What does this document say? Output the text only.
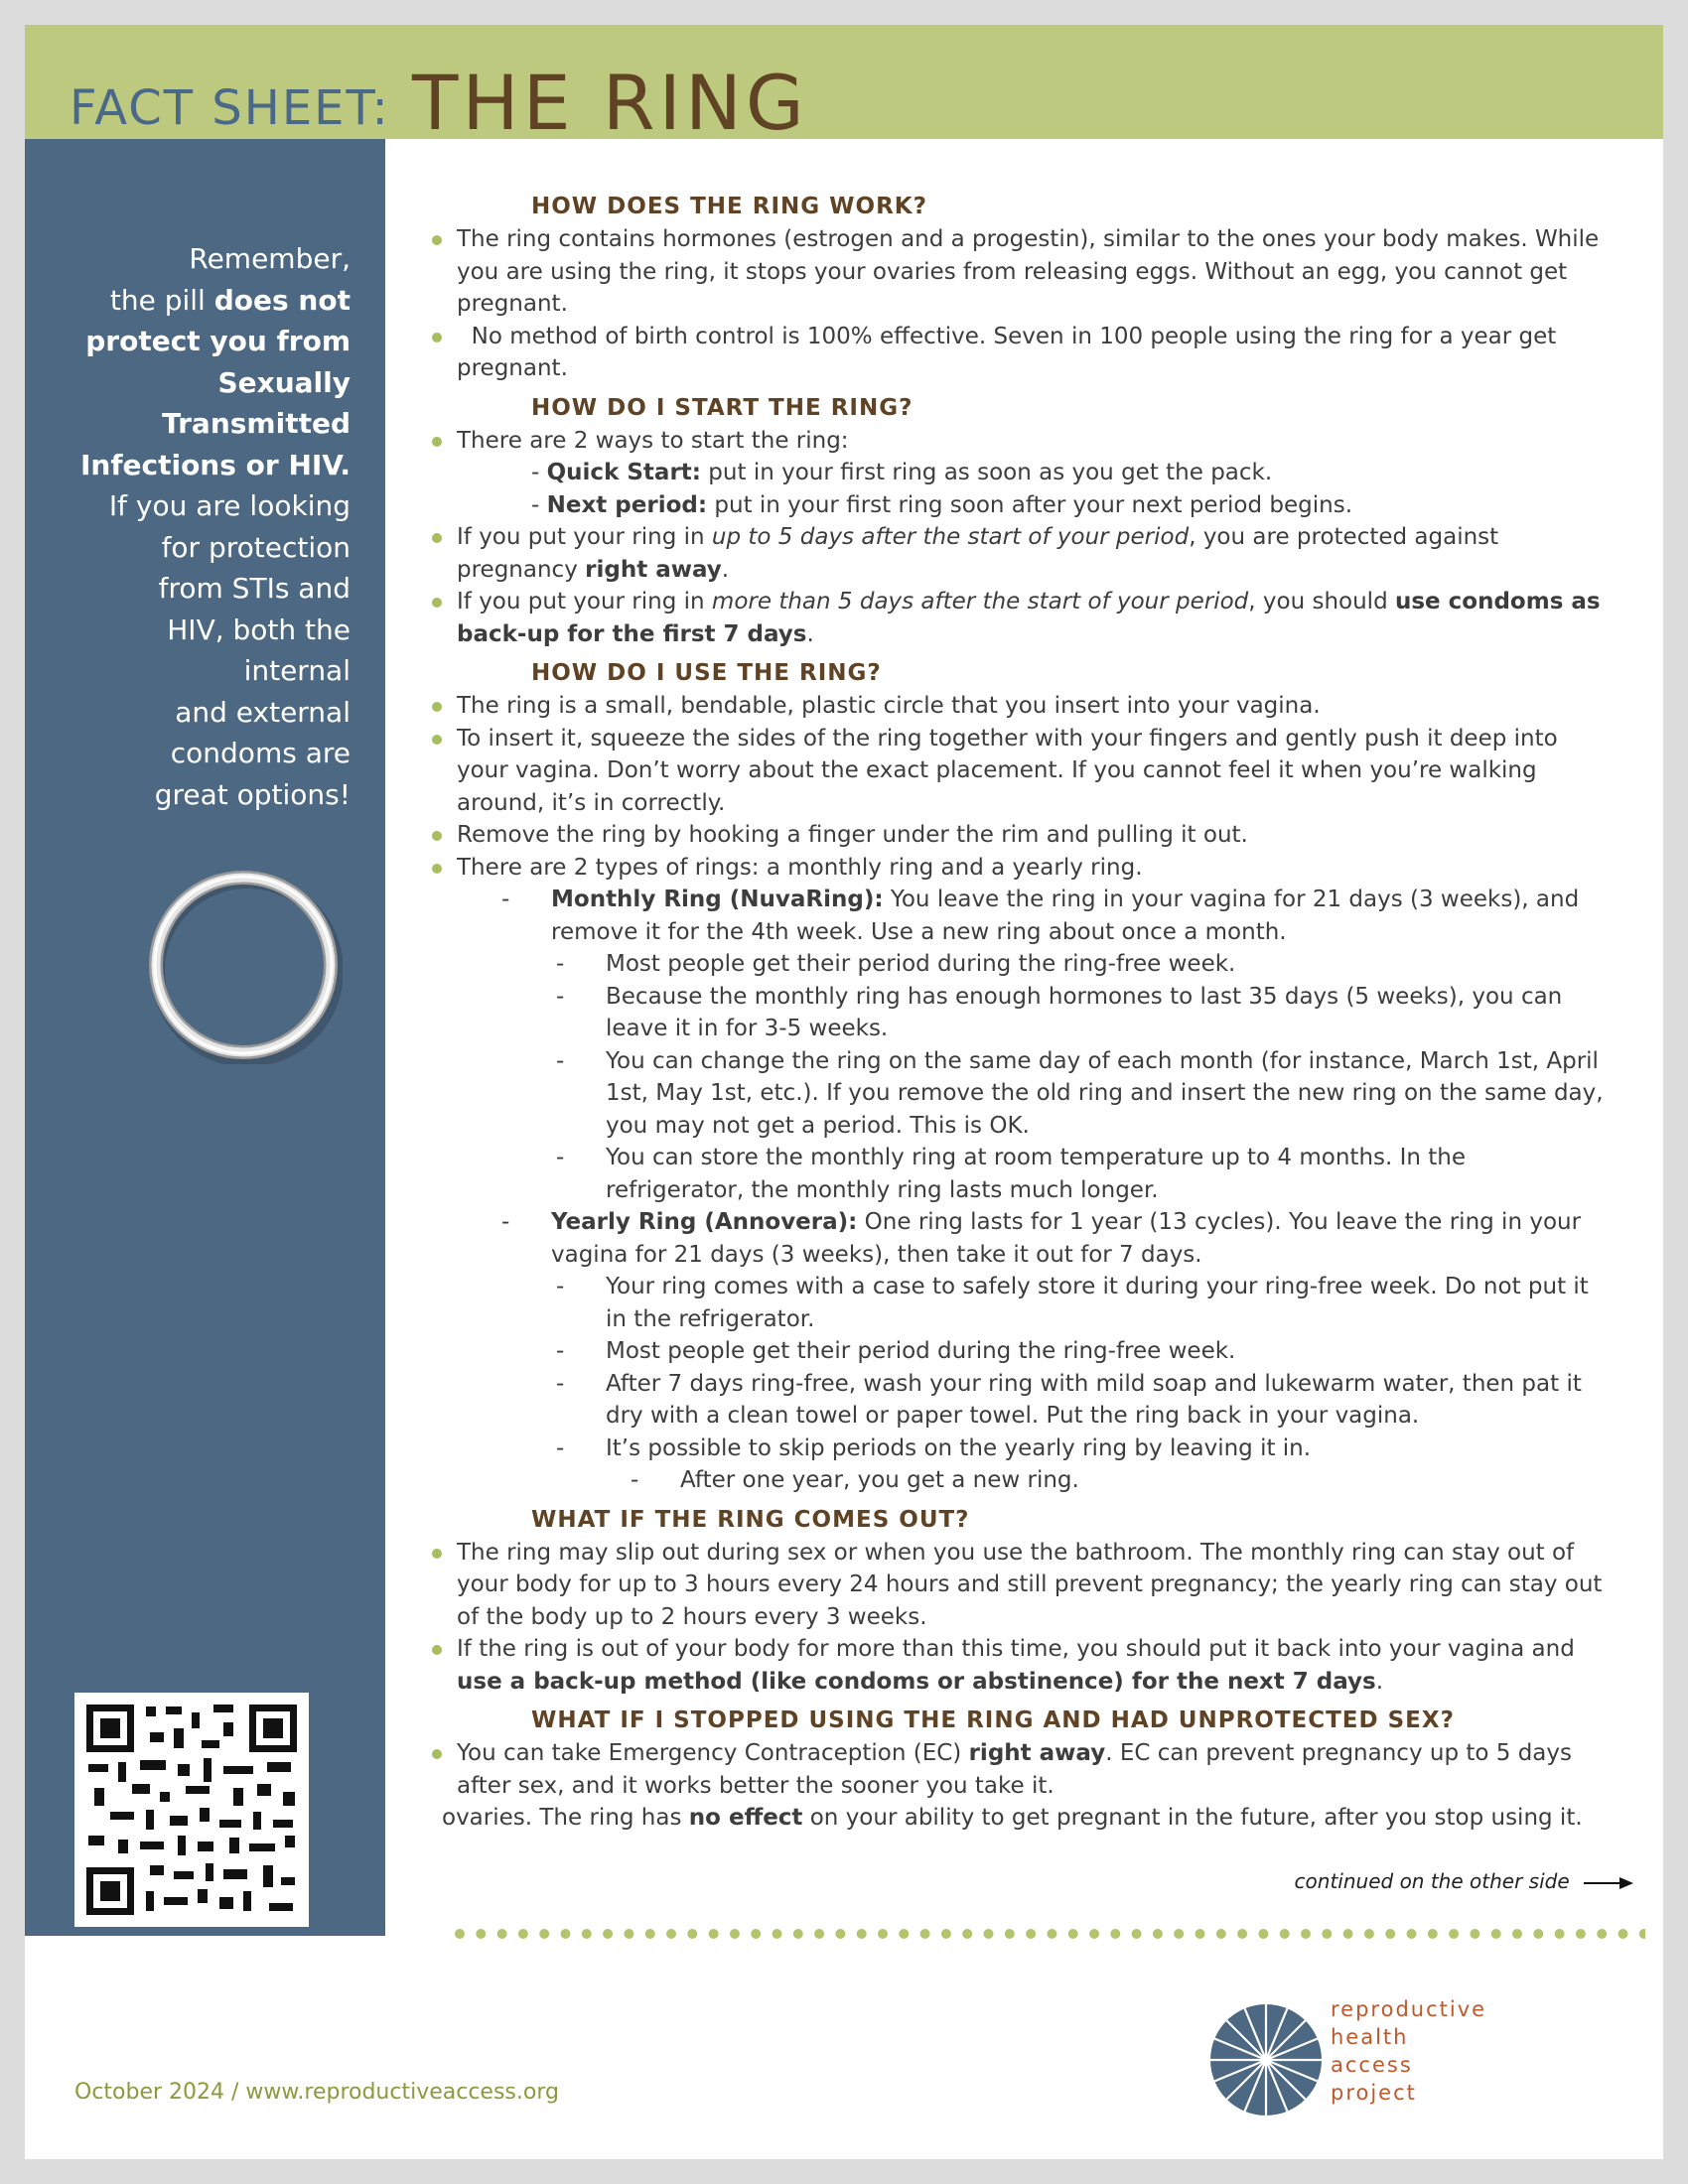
FACT SHEET: THE RING
Remember,
the pill does not
protect you from
Sexually
Transmitted
Infections or HIV.
If you are looking
for protection
from STIs and
HIV, both the
internal
and external
condoms are
great options!
HOW DOES THE RING WORK?
The ring contains hormones (estrogen and a progestin), similar to the ones your body makes. While you are using the ring, it stops your ovaries from releasing eggs. Without an egg, you cannot get pregnant.
No method of birth control is 100% effective. Seven in 100 people using the ring for a year get pregnant.
HOW DO I START THE RING?
There are 2 ways to start the ring:
- Quick Start: put in your first ring as soon as you get the pack.
- Next period: put in your first ring soon after your next period begins.
If you put your ring in up to 5 days after the start of your period, you are protected against pregnancy right away.
If you put your ring in more than 5 days after the start of your period, you should use condoms as back-up for the first 7 days.
HOW DO I USE THE RING?
The ring is a small, bendable, plastic circle that you insert into your vagina.
To insert it, squeeze the sides of the ring together with your fingers and gently push it deep into your vagina. Don’t worry about the exact placement. If you cannot feel it when you’re walking around, it’s in correctly.
Remove the ring by hooking a finger under the rim and pulling it out.
There are 2 types of rings: a monthly ring and a yearly ring.
- Monthly Ring (NuvaRing): You leave the ring in your vagina for 21 days (3 weeks), and remove it for the 4th week. Use a new ring about once a month.
- Most people get their period during the ring-free week.
- Because the monthly ring has enough hormones to last 35 days (5 weeks), you can leave it in for 3-5 weeks.
- You can change the ring on the same day of each month (for instance, March 1st, April 1st, May 1st, etc.). If you remove the old ring and insert the new ring on the same day, you may not get a period. This is OK.
- You can store the monthly ring at room temperature up to 4 months. In the refrigerator, the monthly ring lasts much longer.
- Yearly Ring (Annovera): One ring lasts for 1 year (13 cycles). You leave the ring in your vagina for 21 days (3 weeks), then take it out for 7 days.
- Your ring comes with a case to safely store it during your ring-free week. Do not put it in the refrigerator.
- Most people get their period during the ring-free week.
- After 7 days ring-free, wash your ring with mild soap and lukewarm water, then pat it dry with a clean towel or paper towel. Put the ring back in your vagina.
- It’s possible to skip periods on the yearly ring by leaving it in.
- After one year, you get a new ring.
WHAT IF THE RING COMES OUT?
The ring may slip out during sex or when you use the bathroom. The monthly ring can stay out of your body for up to 3 hours every 24 hours and still prevent pregnancy; the yearly ring can stay out of the body up to 2 hours every 3 weeks.
If the ring is out of your body for more than this time, you should put it back into your vagina and use a back-up method (like condoms or abstinence) for the next 7 days.
WHAT IF I STOPPED USING THE RING AND HAD UNPROTECTED SEX?
You can take Emergency Contraception (EC) right away. EC can prevent pregnancy up to 5 days after sex, and it works better the sooner you take it.
ovaries. The ring has no effect on your ability to get pregnant in the future, after you stop using it.
continued on the other side
October 2024 / www.reproductiveaccess.org
reproductive
health
access
project
